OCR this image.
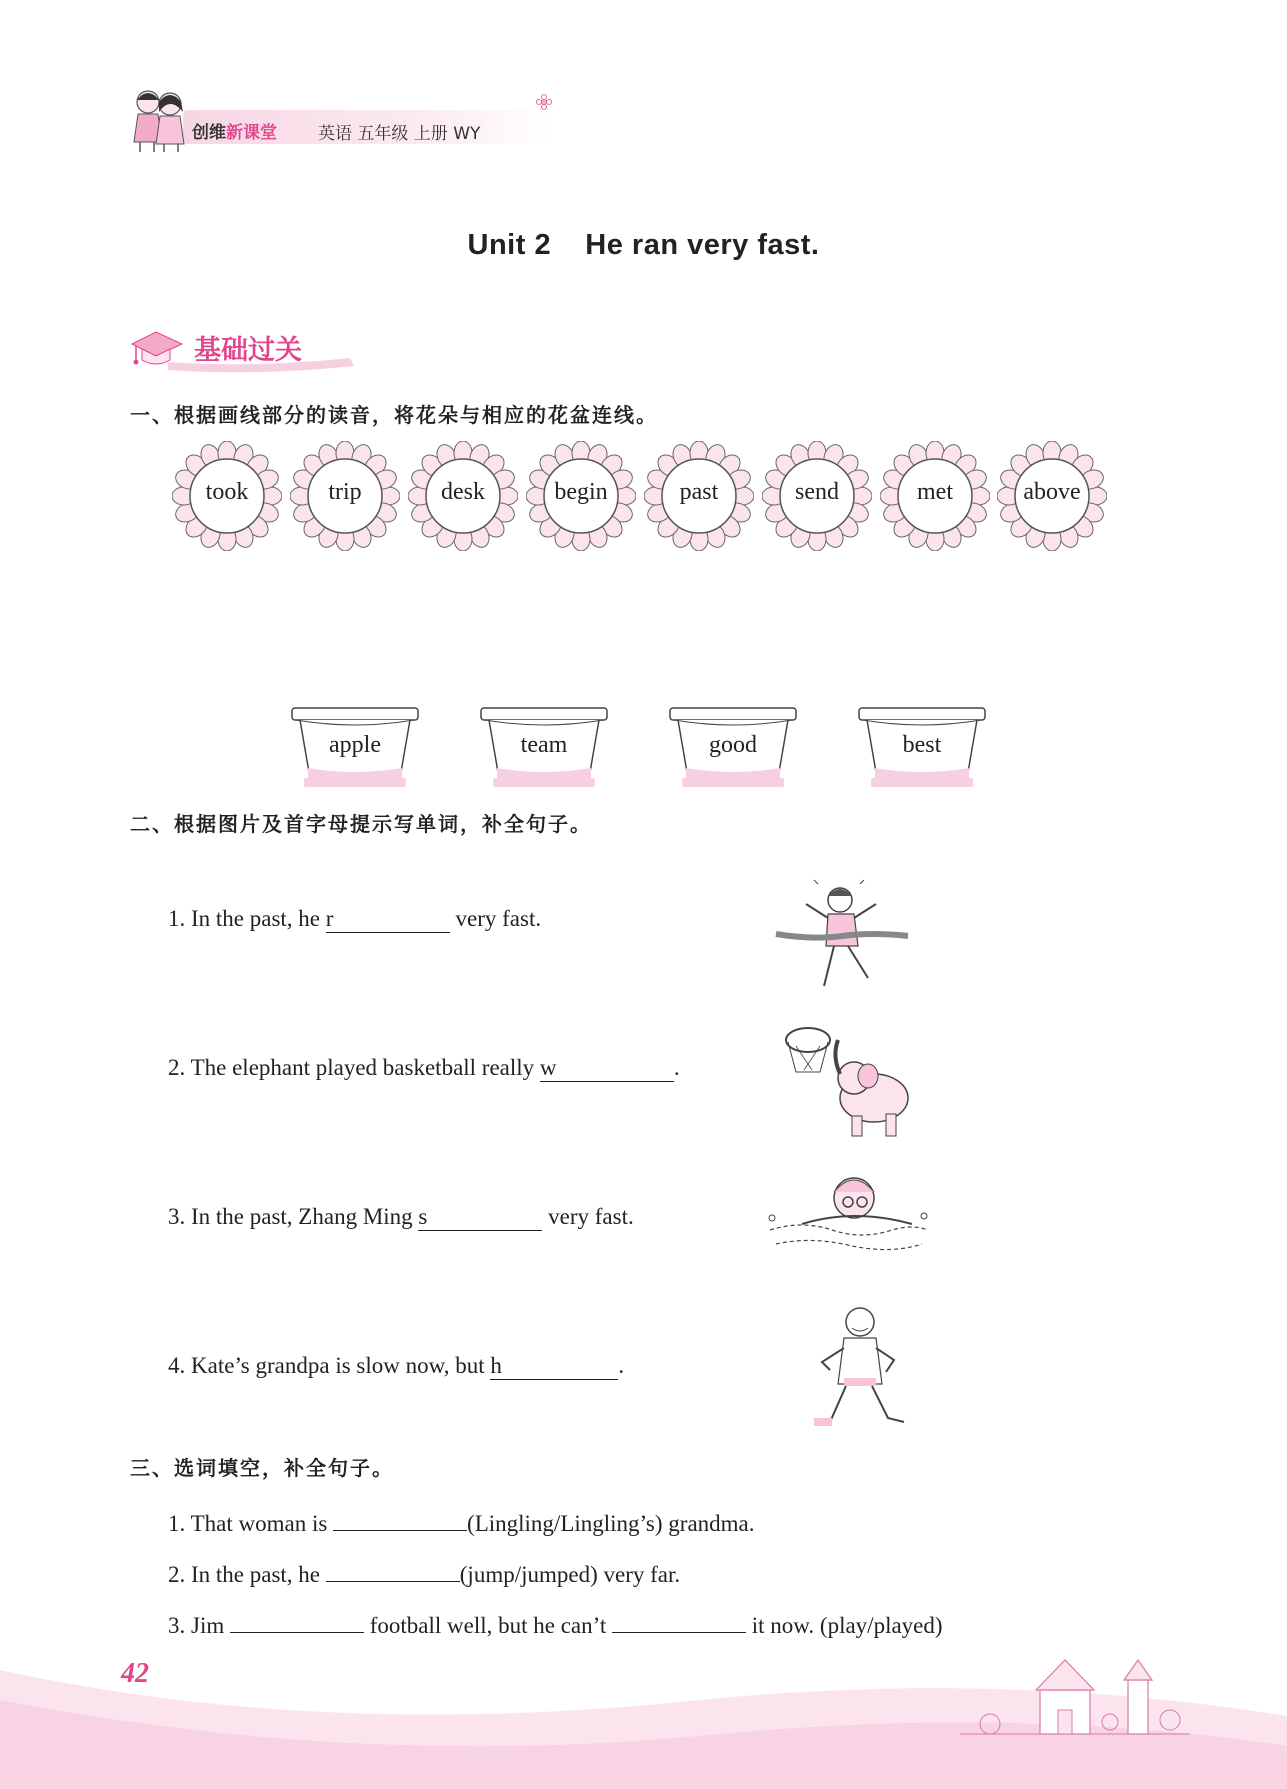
创维新课堂 英语 五年级 上册 WY
Unit 2    He ran very fast.
基础过关
一、根据画线部分的读音，将花朵与相应的花盆连线。
took	trip	desk	begin	past	send	met	above
apple	team	good	best
二、根据图片及首字母提示写单词，补全句子。
1. In the past, he r	very fast.
2. The elephant played basketball really w	.
3. In the past, Zhang Ming s	very fast.
4. Kate’s grandpa is slow now, but h	.
三、选词填空，补全句子。
1. That woman is	(Lingling/Lingling’s) grandma.
2. In the past, he	(jump/jumped) very far.
3. Jim	football well, but he can’t	it now. (play/played)
42
